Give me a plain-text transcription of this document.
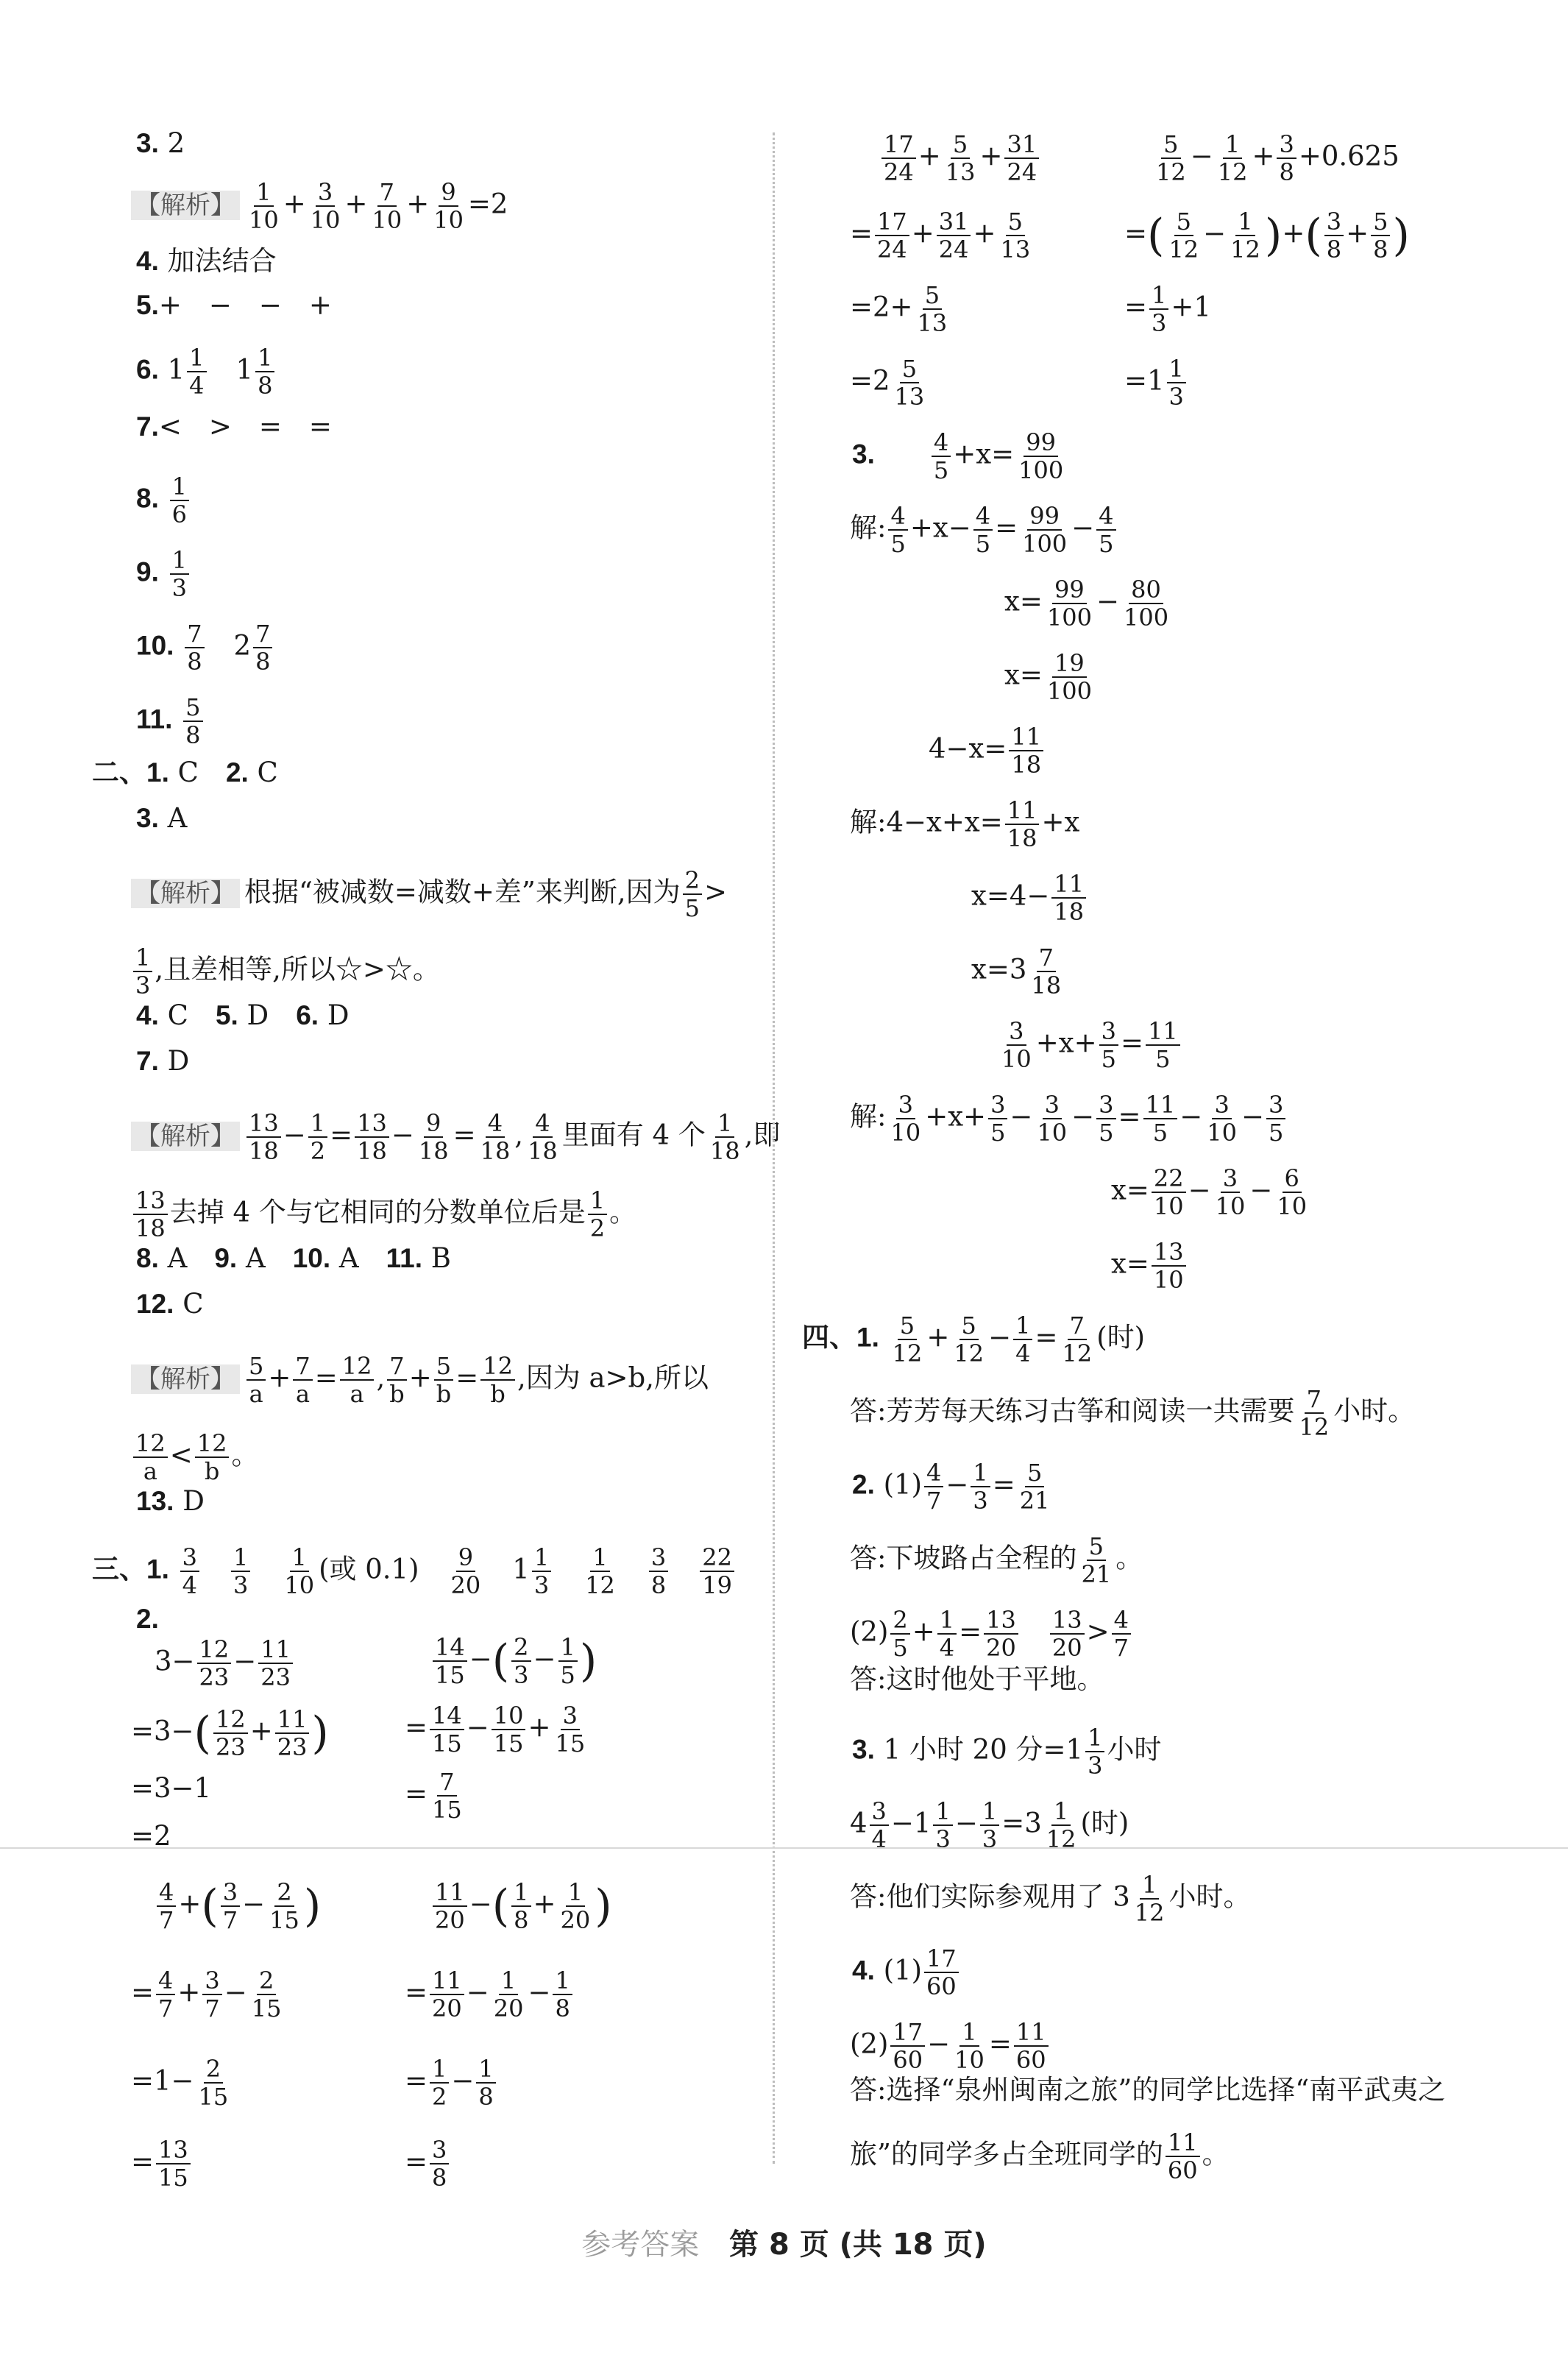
3. 2
【解析】 $\frac{1}{10} + \frac{3}{10} + \frac{7}{10} + \frac{9}{10} =2$
4. 加法结合
5.+　−　−　+
6. $1 \frac{1}{4}$ 　$1 \frac{1}{8}$
7.<　>　=　=
8. $\frac{1}{6}$
9. $\frac{1}{3}$
10. $\frac{7}{8}$ 　$2 \frac{7}{8}$
11. $\frac{5}{8}$
二、1. C　2. C
3. A
【解析】 根据“被减数=减数+差”来判断,因为 $\frac{2}{5}$ >
$\frac{1}{3}$ ,且差相等,所以☆>☆。
4. C　5. D　6. D
7. D
【解析】 $\frac{13}{18} - \frac{1}{2} = \frac{13}{18} - \frac{9}{18} = \frac{4}{18}$ , $\frac{4}{18}$ 里面有 4 个 $\frac{1}{18}$ ,即
$\frac{13}{18}$ 去掉 4 个与它相同的分数单位后是 $\frac{1}{2}$ 。
8. A　9. A　10. A　11. B
12. C
【解析】 $\frac{5}{a} + \frac{7}{a} = \frac{12}{a}$ , $\frac{7}{b} + \frac{5}{b} = \frac{12}{b}$ ,因为 a>b,所以
$\frac{12}{a} < \frac{12}{b}$ 。
13. D
三、1. $\frac{3}{4}$
　 $\frac{1}{3}$
　 $\frac{1}{10}$ (或 0.1)　 $\frac{9}{20}$ 　$1 \frac{1}{3}$
　 $\frac{1}{12}$
　 $\frac{3}{8}$
　 $\frac{22}{19}$
2.
$3- \frac{12}{23} - \frac{11}{23}$	$\frac{14}{15}$ −( $\frac{2}{3} - \frac{1}{5}$ )
$=3-( \frac{12}{23} + \frac{11}{23}$ )	= $\frac{14}{15} - \frac{10}{15} + \frac{3}{15}$
=3−1	= $\frac{7}{15}$
=2
$\frac{4}{7}$ +( $\frac{3}{7} - \frac{2}{15}$ )	$\frac{11}{20}$ −( $\frac{1}{8} + \frac{1}{20}$ )
= $\frac{4}{7} + \frac{3}{7} - \frac{2}{15}$	= $\frac{11}{20} - \frac{1}{20} - \frac{1}{8}$
$=1- \frac{2}{15}$	= $\frac{1}{2} - \frac{1}{8}$
= $\frac{13}{15}$	= $\frac{3}{8}$
$\frac{17}{24} + \frac{5}{13} + \frac{31}{24}$	$\frac{5}{12} - \frac{1}{12} + \frac{3}{8} +0.625$
= $\frac{17}{24} + \frac{31}{24} + \frac{5}{13}$	=( $\frac{5}{12} - \frac{1}{12}$ )+( $\frac{3}{8} + \frac{5}{8}$ )
$=2+ \frac{5}{13}$	= $\frac{1}{3} +1$
$=2 \frac{5}{13}$	$=1 \frac{1}{3}$
3.　　 $\frac{4}{5} +x= \frac{99}{100}$
解: $\frac{4}{5} +x- \frac{4}{5} = \frac{99}{100} - \frac{4}{5}$
$x= \frac{99}{100} - \frac{80}{100}$
$x= \frac{19}{100}$
$4-x= \frac{11}{18}$
解:4−x+x= $\frac{11}{18} +x$
$x=4- \frac{11}{18}$
$x=3 \frac{7}{18}$
$\frac{3}{10} +x+ \frac{3}{5} = \frac{11}{5}$
解: $\frac{3}{10} +x+ \frac{3}{5} - \frac{3}{10} - \frac{3}{5} = \frac{11}{5} - \frac{3}{10} - \frac{3}{5}$
$x= \frac{22}{10} - \frac{3}{10} - \frac{6}{10}$
$x= \frac{13}{10}$
四、1. $\frac{5}{12} + \frac{5}{12} - \frac{1}{4} = \frac{7}{12}$ (时)
答:芳芳每天练习古筝和阅读一共需要 $\frac{7}{12}$ 小时。
2. $(1) \frac{4}{7} - \frac{1}{3} = \frac{5}{21}$
答:下坡路占全程的 $\frac{5}{21}$ 。
$(2) \frac{2}{5} + \frac{1}{4} = \frac{13}{20}$
　 $\frac{13}{20} > \frac{4}{7}$
答:这时他处于平地。
3. 1 小时 20 分$=1 \frac{1}{3}$ 小时
$4 \frac{3}{4} -1 \frac{1}{3} - \frac{1}{3} =3 \frac{1}{12}$ (时)
答:他们实际参观用了 $3 \frac{1}{12}$ 小时。
4. $(1) \frac{17}{60}$
$(2) \frac{17}{60} - \frac{1}{10} = \frac{11}{60}$
答:选择“泉州闽南之旅”的同学比选择“南平武夷之
旅”的同学多占全班同学的 $\frac{11}{60}$ 。
参考答案 第 8 页 (共 18 页)
